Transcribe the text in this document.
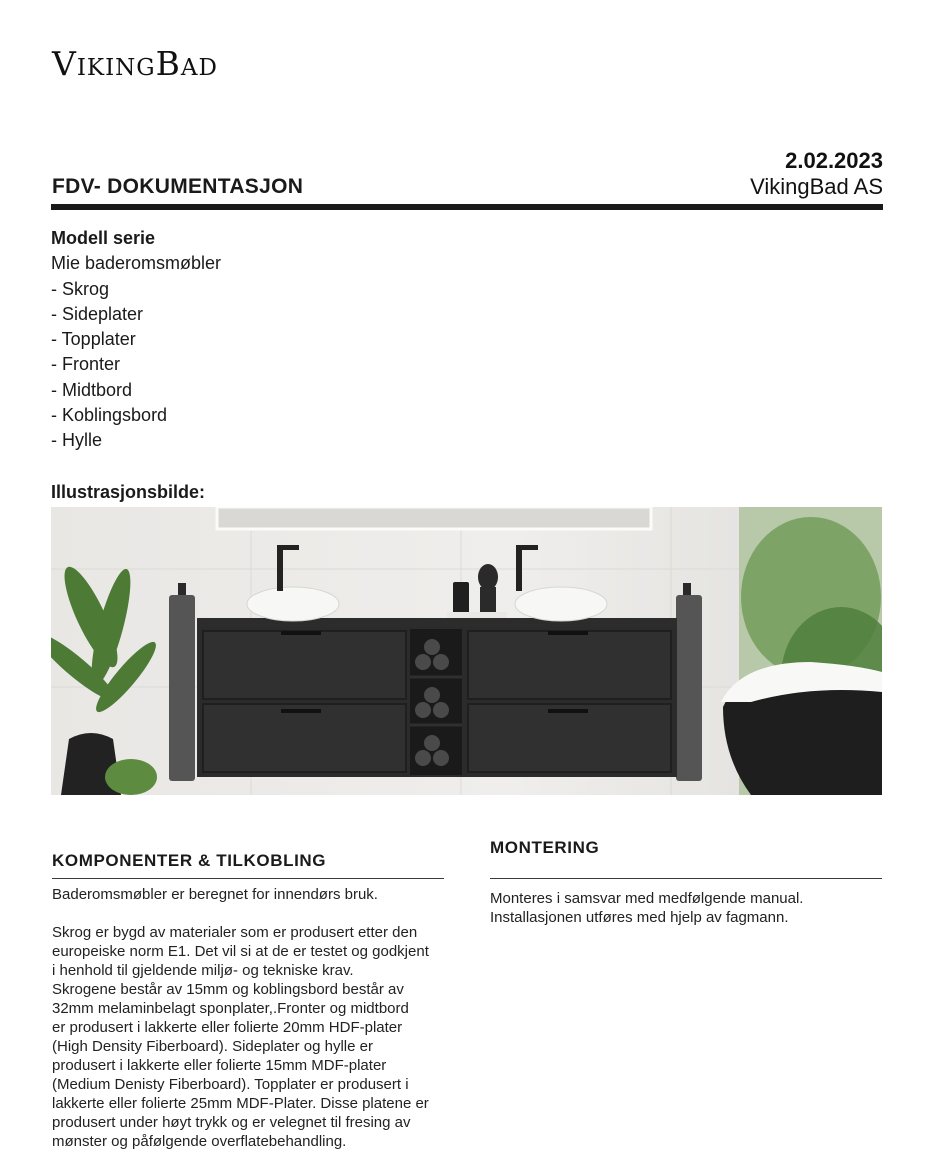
VikingBad
2.02.2023
VikingBad AS
FDV- DOKUMENTASJON
Modell serie
Mie baderomsmøbler
- Skrog
- Sideplater
- Topplater
- Fronter
- Midtbord
- Koblingsbord
- Hylle
Illustrasjonsbilde:
KOMPONENTER & TILKOBLING
Baderomsmøbler er beregnet for innendørs bruk.
Skrog er bygd av materialer som er produsert etter den
europeiske norm E1. Det vil si at de er testet og godkjent
i henhold til gjeldende miljø- og tekniske krav.
Skrogene består av 15mm og koblingsbord består av
32mm melaminbelagt sponplater,.Fronter og midtbord
er produsert i lakkerte eller folierte 20mm HDF-plater
(High Density Fiberboard). Sideplater og hylle er
produsert i lakkerte eller folierte 15mm MDF-plater
(Medium Denisty Fiberboard). Topplater er produsert i
lakkerte eller folierte 25mm MDF-Plater. Disse platene er
produsert under høyt trykk og er velegnet til fresing av
mønster og påfølgende overflatebehandling.
MONTERING
Monteres i samsvar med medfølgende manual.
Installasjonen utføres med hjelp av fagmann.
